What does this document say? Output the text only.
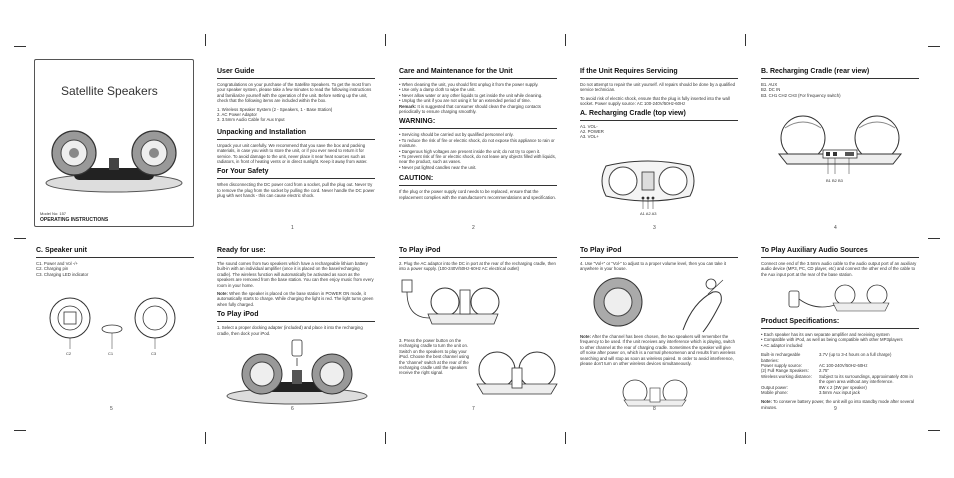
Satellite Speakers
Model No: 157
OPERATING INSTRUCTIONS
User Guide

Congratulations on your purchase of the Satellite Speakers. To get the most from your speaker system, please take a few minutes to read the following instructions and familiarize yourself with the operation of the unit. Before setting up the unit, check that the following items are included within the box.

1. Wireless Speaker System (2 - Speakers, 1 - Base Station)
2. AC Power Adaptor
3. 3.5mm Audio Cable for Aux Input
Unpacking and Installation

Unpack your unit carefully. We recommend that you save the box and packing materials, in case you wish to store the unit, or if you ever need to return it for service. To avoid damage to the unit, never place it near heat sources such as radiators, in front of heating vents or in direct sunlight. Keep it away from water.

For Your Safety

When disconnecting the DC power cord from a socket, pull the plug out. Never try to remove the plug from the socket by pulling the cord. Never handle the DC power plug with wet hands - this can cause electric shock.

1
Care and Maintenance for the Unit
• When cleaning the unit, you should first unplug it from the power supply.
• Use only a damp cloth to wipe the unit.
• Never allow water or any other liquids to get inside the unit while cleaning.
• Unplug the unit if you are not using it for an extended period of time.

Remark: It is suggested that consumer should clean the charging contacts periodically to ensure charging smoothly.

WARNING:
• Servicing should be carried out by qualified personnel only.
• To reduce the risk of fire or electric shock, do not expose this appliance to rain or moisture.
• Dangerous high voltages are present inside the unit; do not try to open it.
• To prevent risk of fire or electric shock, do not leave any objects filled with liquids, near the product, such as vases.
• Never put lighted candles near the unit.
CAUTION:

If the plug or the power supply cord needs to be replaced, ensure that the replacement complies with the manufacturer's recommendations and specification.

2
If the Unit Requires Servicing

Do not attempt to repair the unit yourself. All repairs should be done by a qualified service technician.

To avoid risk of electric shock, ensure that the plug is fully inserted into the wall socket. Power supply source: AC 100-240V/50Hz-60Hz

A. Recharging Cradle (top view)
A1. VOL-
A2. POWER
A3. VOL+
A1 A2 A3
3
B. Recharging Cradle (rear view)
B1. AUX
B2. DC IN
B3. CH1 CH2 CH3 (For frequency switch)
B1 B2 B3
4
C. Speaker unit
C1. Power and Vol -/+
C2. Charging pin
C3. Charging LED indicator
C2	C1	C3
5
Ready for use:

The sound comes from two speakers which have a rechargeable lithium battery built-in with an individual amplifier (once it is placed on the base/recharging cradle). The wireless function will automatically be activated as soon as the speakers are removed from the base station. You can then enjoy music from every room in your home.

Note: When the speaker is placed on the base station in POWER ON mode, it automatically starts to charge. While charging the light is red. The light turns green when fully charged.

To Play iPod

1. Select a proper docking adapter (included) and place it into the recharging cradle, then dock your iPod.

6
To Play iPod

2. Plug the AC adaptor into the DC in port at the rear of the recharging cradle, then into a power supply. (100-240V/50Hz-60Hz AC electrical outlet)

3. Press the power button on the recharging cradle to turn the unit on. Switch on the speakers to play your iPod. Choose the best channel using the 'channel' switch at the rear of the recharging cradle until the speakers receive the right signal.

7
To Play iPod

4. Use "Vol+" or "Vol-" to adjust to a proper volume level, then you can take it anywhere in your house.

Note: After the channel has been chosen, the two speakers will remember the frequency to be used. If the unit receives any interference which is playing, switch to other channel at the rear of charging cradle. Sometimes the speaker will give off noise after power on, which is a normal phenomenon and results from wireless searching and will stop as soon as wireless paired. In order to avoid interference, please don't turn on other wireless devices simultaneously.

8
To Play Auxiliary Audio Sources

Connect one end of the 3.5mm audio cable to the audio output port of an auxiliary audio device (MP3, PC, CD player, etc) and connect the other end of the cable to the Aux input port at the rear of the base station.

Product Specifications:
• Each speaker has its own separate amplifier and receiving system
• Compatible with iPod, as well as being compatible with other MP3players
• AC adaptor included
Built-in rechargeable batteries:
3.7V (up to 3-4 hours on a full charge)
Power supply source:	AC 100-240V/50Hz-60Hz
(2) Full Range Speakers:	2.75"
Wireless working distance:	Subject to its surroundings, approximately 40m in the open area without any interference.
Output power:	8W x 2 (3W per speaker)
Mobile phone:	3.5mm Aux input jack

Note: To conserve battery power, the unit will go into standby mode after several minutes.	9
